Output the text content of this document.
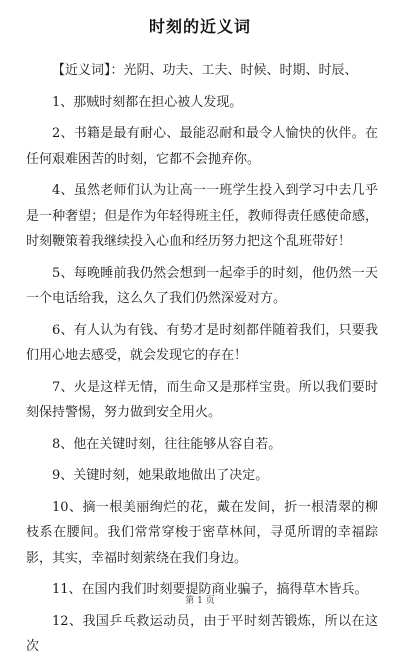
时刻的近义词

【近义词】：光阴、功夫、工夫、时候、时期、时辰、

1、那贼时刻都在担心被人发现。

2、书籍是最有耐心、最能忍耐和最令人愉快的伙伴。在任何艰难困苦的时刻，它都不会抛弃你。

4、虽然老师们认为让高一一班学生投入到学习中去几乎是一种奢望；但是作为年轻得班主任，教师得责任感使命感，时刻鞭策着我继续投入心血和经历努力把这个乱班带好！

5、每晚睡前我仍然会想到一起牵手的时刻，他仍然一天一个电话给我，这么久了我们仍然深爱对方。

6、有人认为有钱、有势才是时刻都伴随着我们，只要我们用心地去感受，就会发现它的存在！

7、火是这样无情，而生命又是那样宝贵。所以我们要时刻保持警惕，努力做到安全用火。

8、他在关键时刻，往往能够从容自若。

9、关键时刻，她果敢地做出了决定。

10、摘一根美丽绚烂的花，戴在发间，折一根清翠的柳枝系在腰间。我们常常穿梭于密草林间，寻觅所谓的幸福踪影，其实，幸福时刻萦绕在我们身边。

11、在国内我们时刻要提防商业骗子，搞得草木皆兵。

12、我国乒乓救运动员，由于平时刻苦锻炼，所以在这次

第 1 页
